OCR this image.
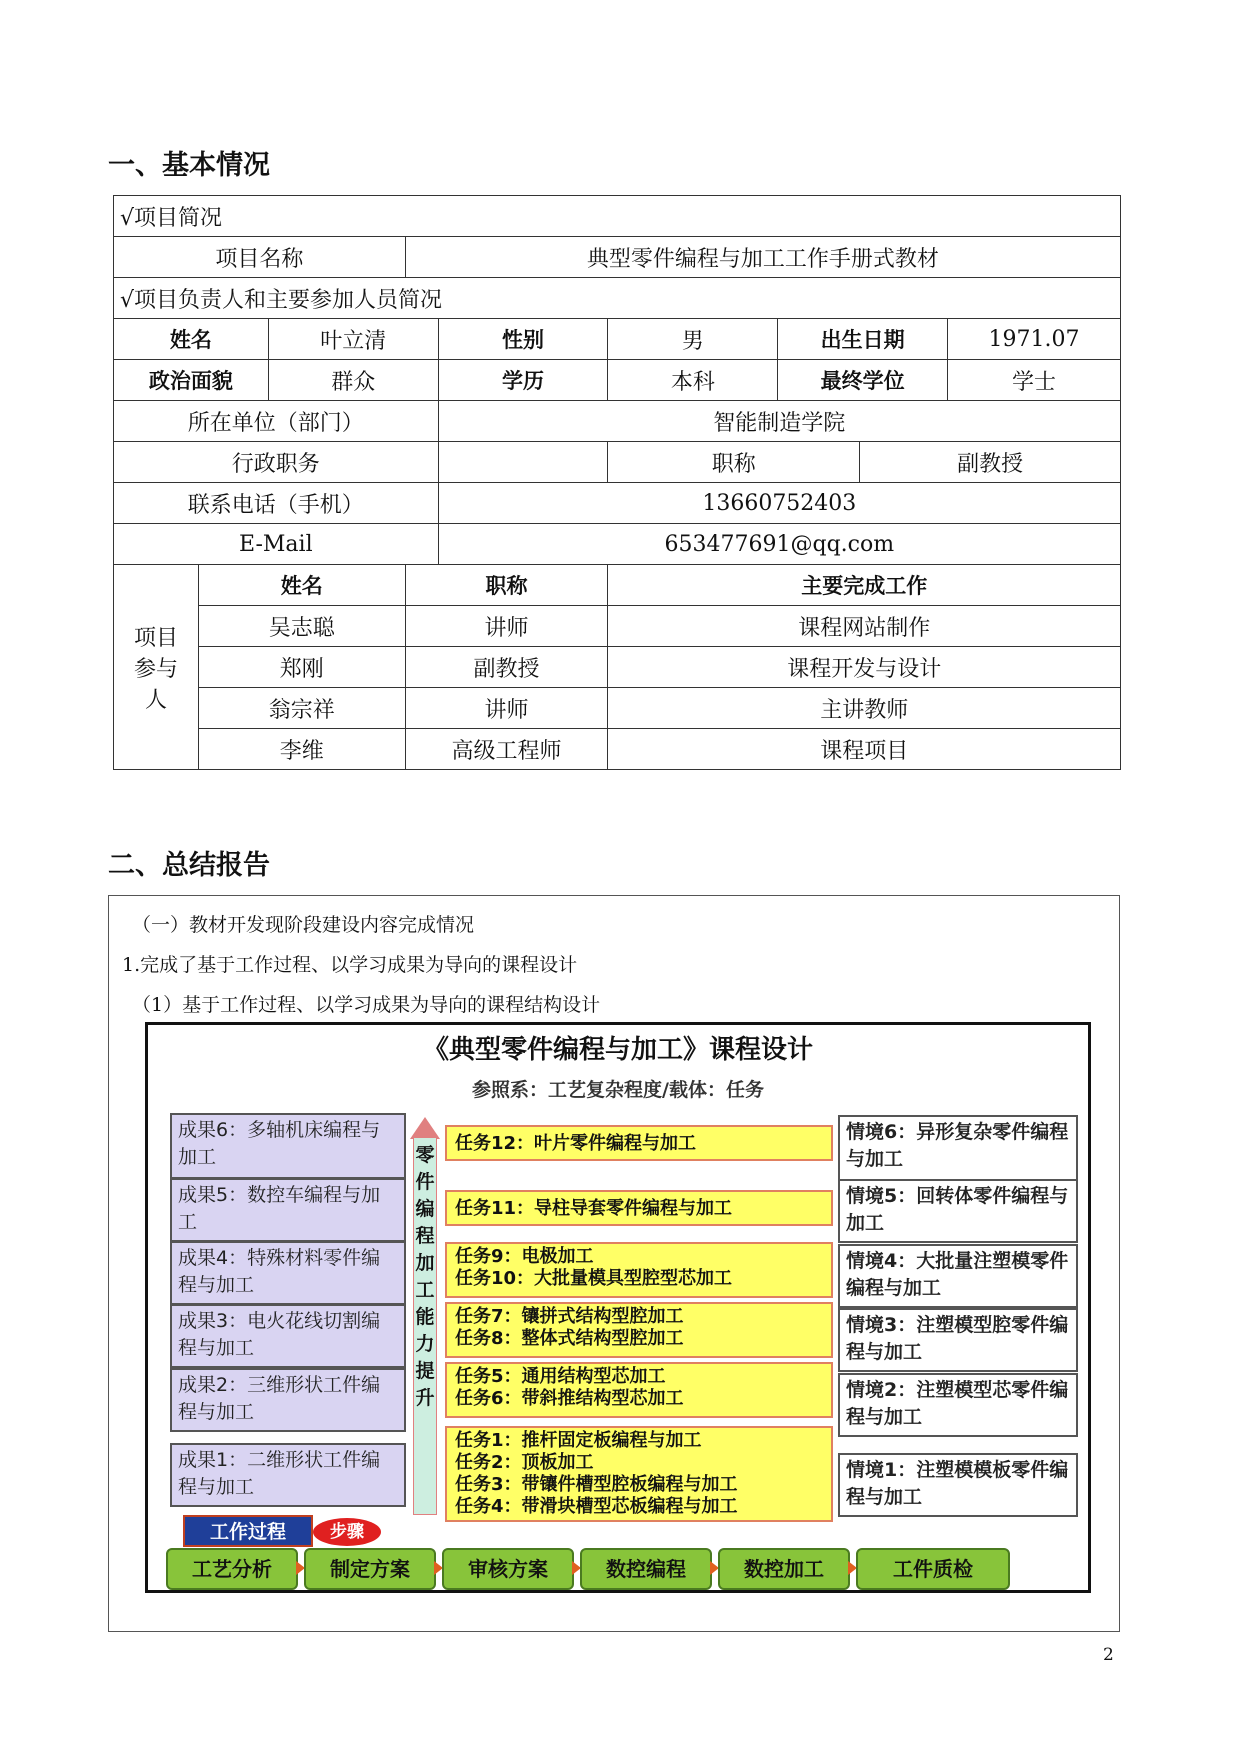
一、基本情况
√项目简况								
项目名称			典型零件编程与加工工作手册式教材					
√项目负责人和主要参加人员简况								
姓名		叶立清		性别	男	出生日期		1971.07
政治面貌		群众		学历	本科	最终学位		学士
所在单位（部门）				智能制造学院				
行政职务					职称		副教授	
联系电话（手机）				13660752403				
E-Mail				653477691@qq.com				
项目
参与
人	姓名		职称		主要完成工作			
	吴志聪		讲师		课程网站制作			
	郑刚		副教授		课程开发与设计			
	翁宗祥		讲师		主讲教师			
	李维		高级工程师		课程项目			
二、总结报告
（一）教材开发现阶段建设内容完成情况
1.完成了基于工作过程、以学习成果为导向的课程设计
（1）基于工作过程、以学习成果为导向的课程结构设计
《典型零件编程与加工》课程设计
参照系：工艺复杂程度/载体：任务
成果6：多轴机床编程与加工
成果5：数控车编程与加工
成果4：特殊材料零件编程与加工
成果3：电火花线切割编程与加工
成果2：三维形状工件编程与加工
成果1：二维形状工件编程与加工
零
件
编
程
加
工
能
力
提
升
任务12：叶片零件编程与加工
任务11：导柱导套零件编程与加工
任务9：电极加工
任务10：大批量模具型腔型芯加工
任务7：镶拼式结构型腔加工
任务8：整体式结构型腔加工
任务5：通用结构型芯加工
任务6：带斜推结构型芯加工
任务1：推杆固定板编程与加工
任务2：顶板加工
任务3：带镶件槽型腔板编程与加工
任务4：带滑块槽型芯板编程与加工
情境6：异形复杂零件编程与加工
情境5：回转体零件编程与加工
情境4：大批量注塑模零件编程与加工
情境3：注塑模型腔零件编程与加工
情境2：注塑模型芯零件编程与加工
情境1：注塑模模板零件编程与加工
工作过程	步骤
工艺分析	制定方案	审核方案	数控编程	数控加工	工件质检
2
